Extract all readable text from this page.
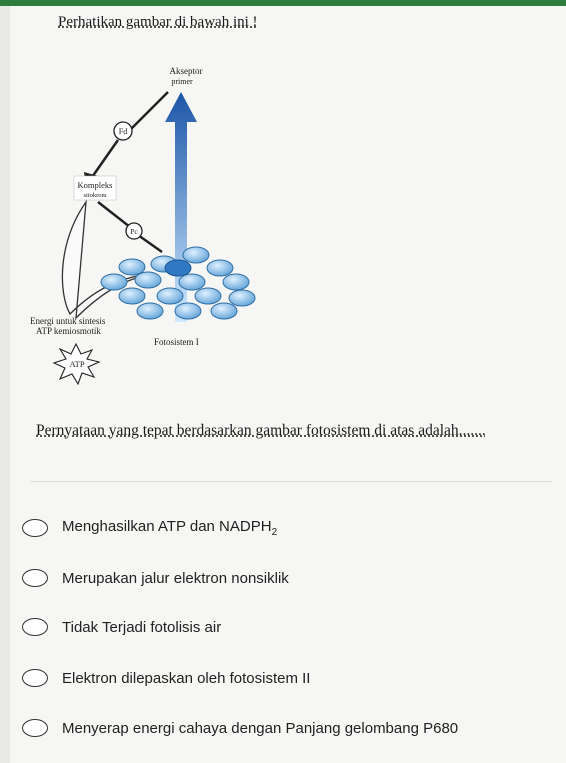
Perhatikan gambar di bawah ini !
Akseptor
primer
Fd
Kompleks
sitokrom
Pc
Energi untuk sintesis
ATP kemiosmotik
Fotosistem I
ATP
Pernyataan yang tepat berdasarkan gambar fotosistem di atas adalah.......
Menghasilkan ATP dan $NADPH_2$
Merupakan jalur elektron nonsiklik
Tidak Terjadi fotolisis air
Elektron dilepaskan oleh fotosistem II
Menyerap energi cahaya dengan Panjang gelombang P680
